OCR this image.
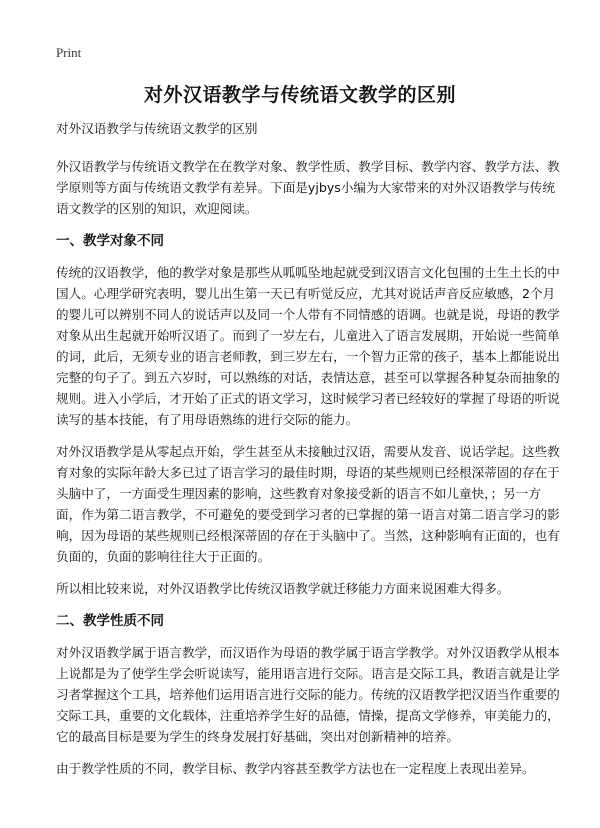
Print
对外汉语教学与传统语文教学的区别

对外汉语教学与传统语文教学的区别

外汉语教学与传统语文教学在在教学对象、教学性质、教学目标、教学内容、教学方法、教学原则等方面与传统语文教学有差异。下面是yjbys小编为大家带来的对外汉语教学与传统语文教学的区别的知识，欢迎阅读。

一、教学对象不同

传统的汉语教学，他的教学对象是那些从呱呱坠地起就受到汉语言文化包围的土生土长的中国人。心理学研究表明，婴儿出生第一天已有听觉反应，尤其对说话声音反应敏感，2个月的婴儿可以辨别不同人的说话声以及同一个人带有不同情感的语调。也就是说，母语的教学对象从出生起就开始听汉语了。而到了一岁左右，儿童进入了语言发展期，开始说一些简单的词，此后，无须专业的语言老师教，到三岁左右，一个智力正常的孩子，基本上都能说出完整的句子了。到五六岁时，可以熟练的对话，表情达意，甚至可以掌握各种复杂而抽象的规则。进入小学后，才开始了正式的语文学习，这时候学习者已经较好的掌握了母语的听说读写的基本技能，有了用母语熟练的进行交际的能力。

对外汉语教学是从零起点开始，学生甚至从未接触过汉语，需要从发音、说话学起。这些教育对象的实际年龄大多已过了语言学习的最佳时期，母语的某些规则已经根深蒂固的存在于头脑中了，一方面受生理因素的影响，这些教育对象接受新的语言不如儿童快，；另一方面，作为第二语言教学，不可避免的要受到学习者的已掌握的第一语言对第二语言学习的影响，因为母语的某些规则已经根深蒂固的存在于头脑中了。当然，这种影响有正面的，也有负面的，负面的影响往往大于正面的。

所以相比较来说，对外汉语教学比传统汉语教学就迁移能力方面来说困难大得多。

二、教学性质不同

对外汉语教学属于语言教学，而汉语作为母语的教学属于语言学教学。对外汉语教学从根本上说都是为了使学生学会听说读写，能用语言进行交际。语言是交际工具，教语言就是让学习者掌握这个工具，培养他们运用语言进行交际的能力。传统的汉语教学把汉语当作重要的交际工具，重要的文化载体，注重培养学生好的品德，情操，提高文学修养，审美能力的，它的最高目标是要为学生的终身发展打好基础，突出对创新精神的培养。

由于教学性质的不同，教学目标、教学内容甚至教学方法也在一定程度上表现出差异。
